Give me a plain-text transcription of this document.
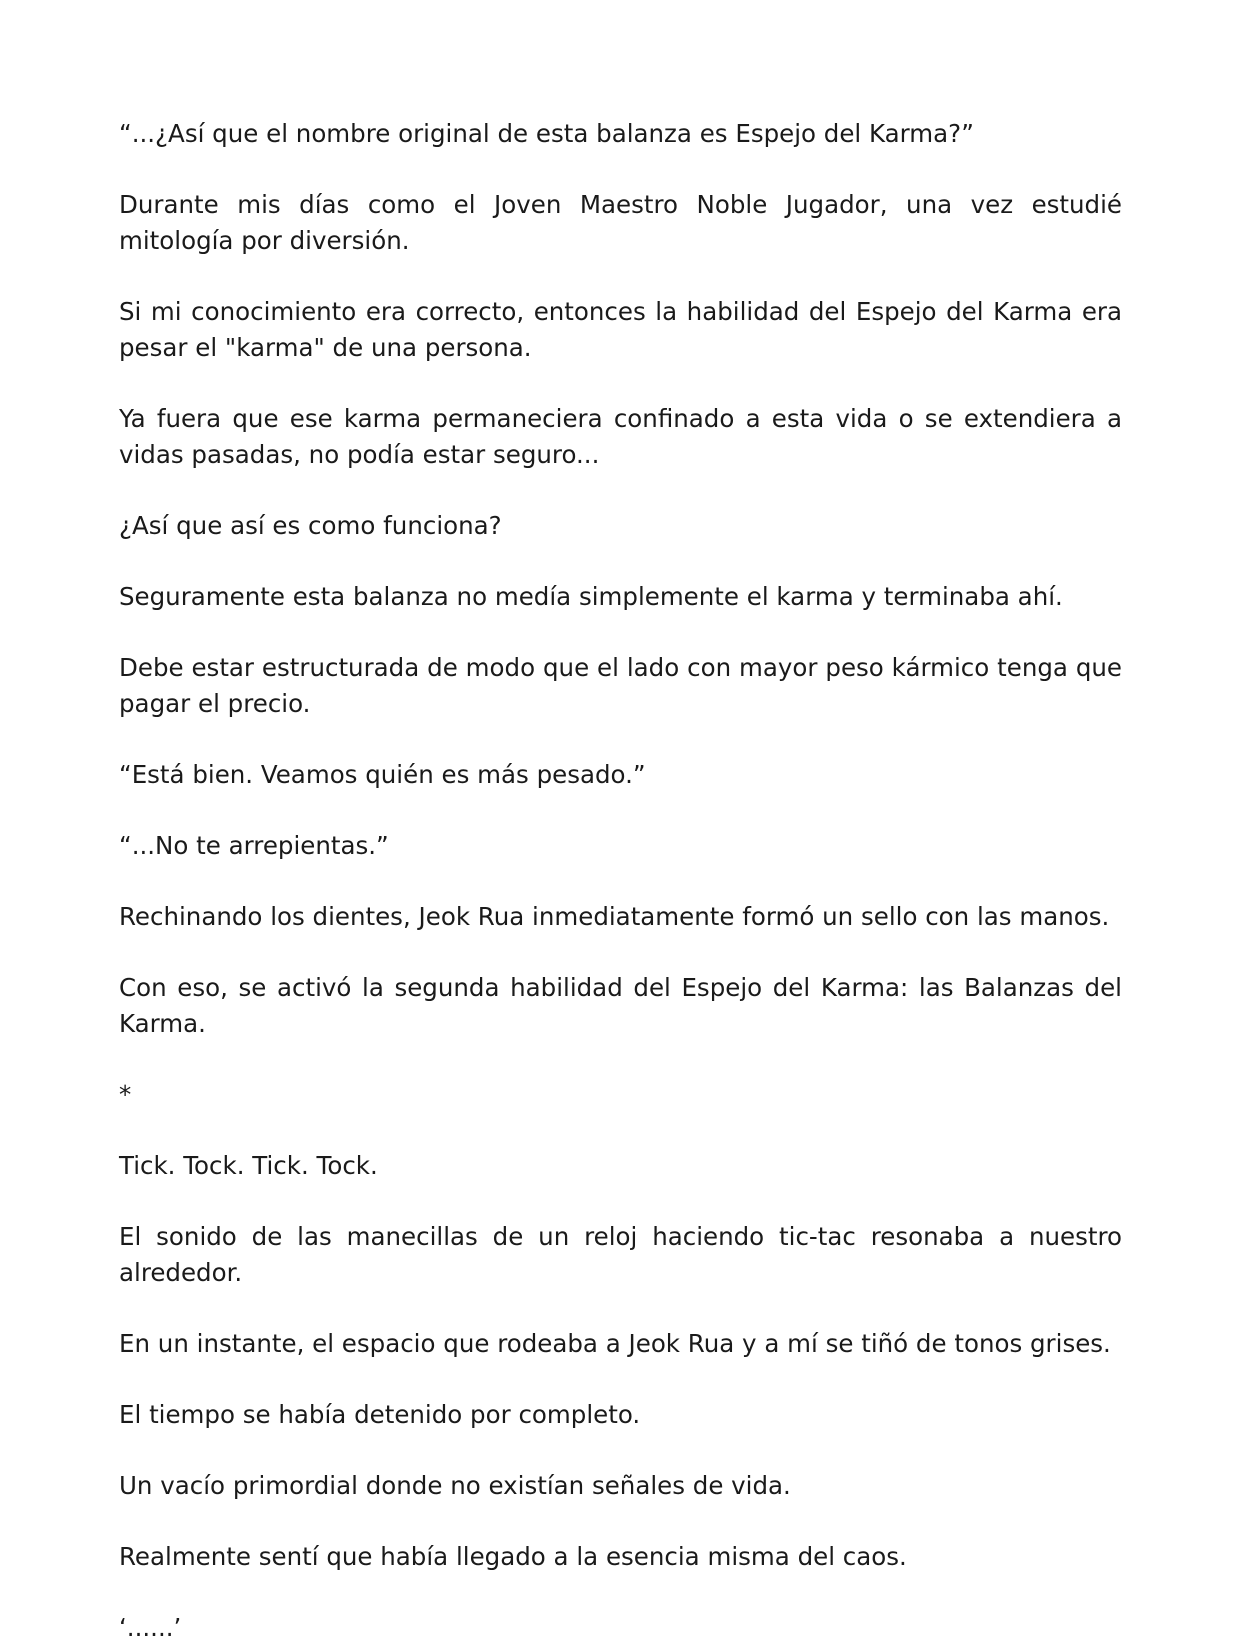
“...¿Así que el nombre original de esta balanza es Espejo del Karma?”

Durante mis días como el Joven Maestro Noble Jugador, una vez estudié mitología por diversión.

Si mi conocimiento era correcto, entonces la habilidad del Espejo del Karma era pesar el "karma" de una persona.

Ya fuera que ese karma permaneciera confinado a esta vida o se extendiera a vidas pasadas, no podía estar seguro...

¿Así que así es como funciona?

Seguramente esta balanza no medía simplemente el karma y terminaba ahí.

Debe estar estructurada de modo que el lado con mayor peso kármico tenga que pagar el precio.

“Está bien. Veamos quién es más pesado.”

“...No te arrepientas.”

Rechinando los dientes, Jeok Rua inmediatamente formó un sello con las manos.

Con eso, se activó la segunda habilidad del Espejo del Karma: las Balanzas del Karma.

*

Tick. Tock. Tick. Tock.

El sonido de las manecillas de un reloj haciendo tic-tac resonaba a nuestro alrededor.

En un instante, el espacio que rodeaba a Jeok Rua y a mí se tiñó de tonos grises.

El tiempo se había detenido por completo.

Un vacío primordial donde no existían señales de vida.

Realmente sentí que había llegado a la esencia misma del caos.

‘......’
